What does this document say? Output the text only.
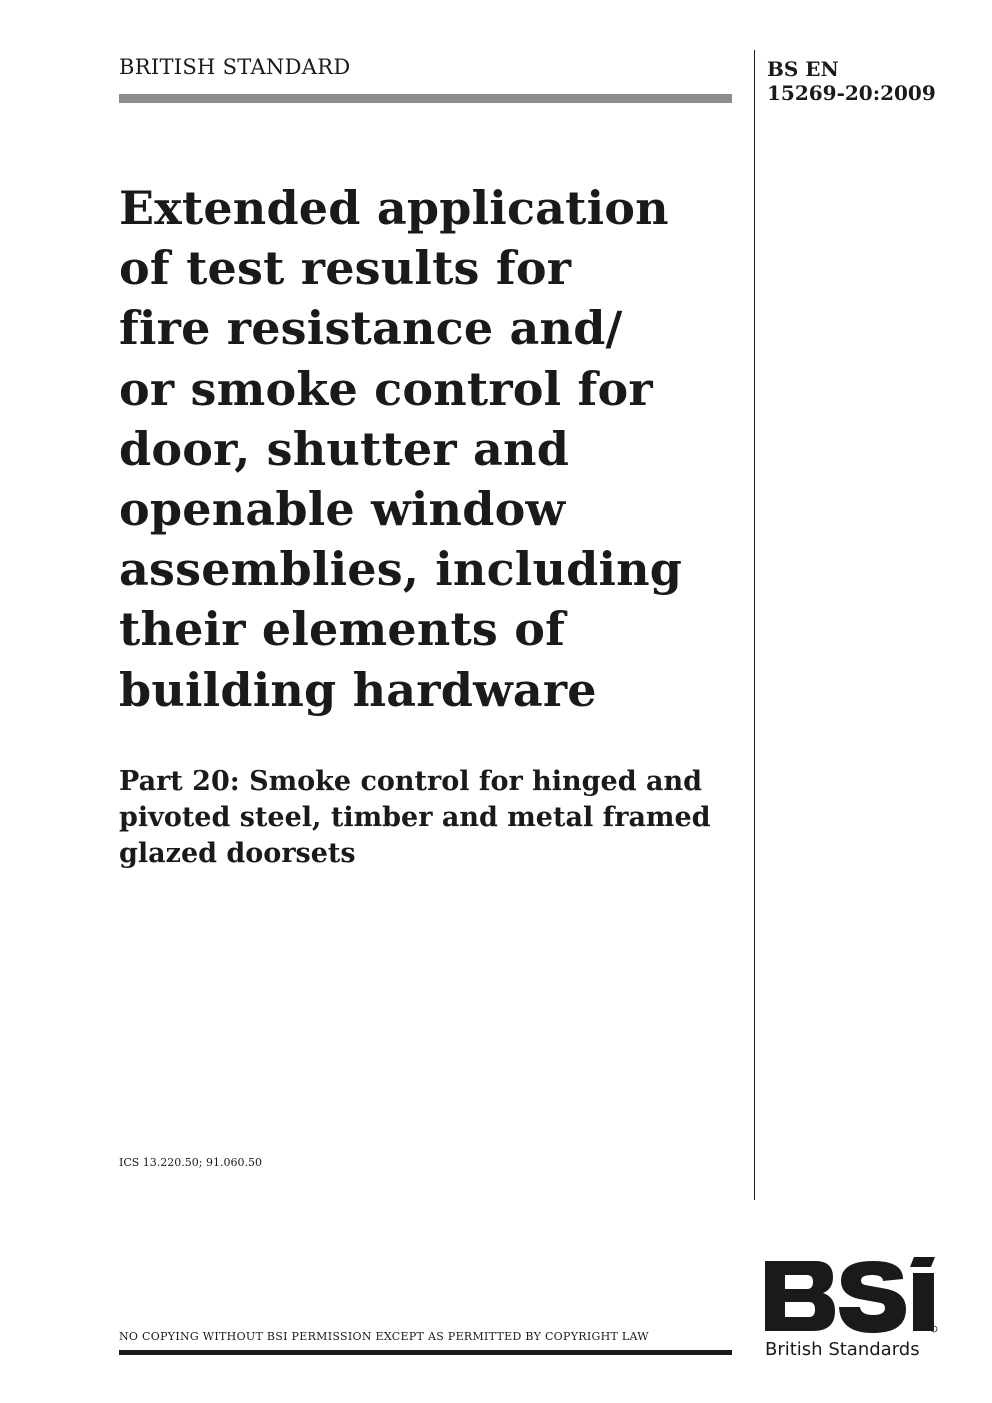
BRITISH STANDARD	BS EN
15269-20:2009
Extended application
of test results for
fire resistance and/
or smoke control for
door, shutter and
openable window
assemblies, including
their elements of
building hardware
Part 20: Smoke control for hinged and
pivoted steel, timber and metal framed
glazed doorsets
ICS 13.220.50; 91.060.50
NO COPYING WITHOUT BSI PERMISSION EXCEPT AS PERMITTED BY COPYRIGHT LAW
British Standards
